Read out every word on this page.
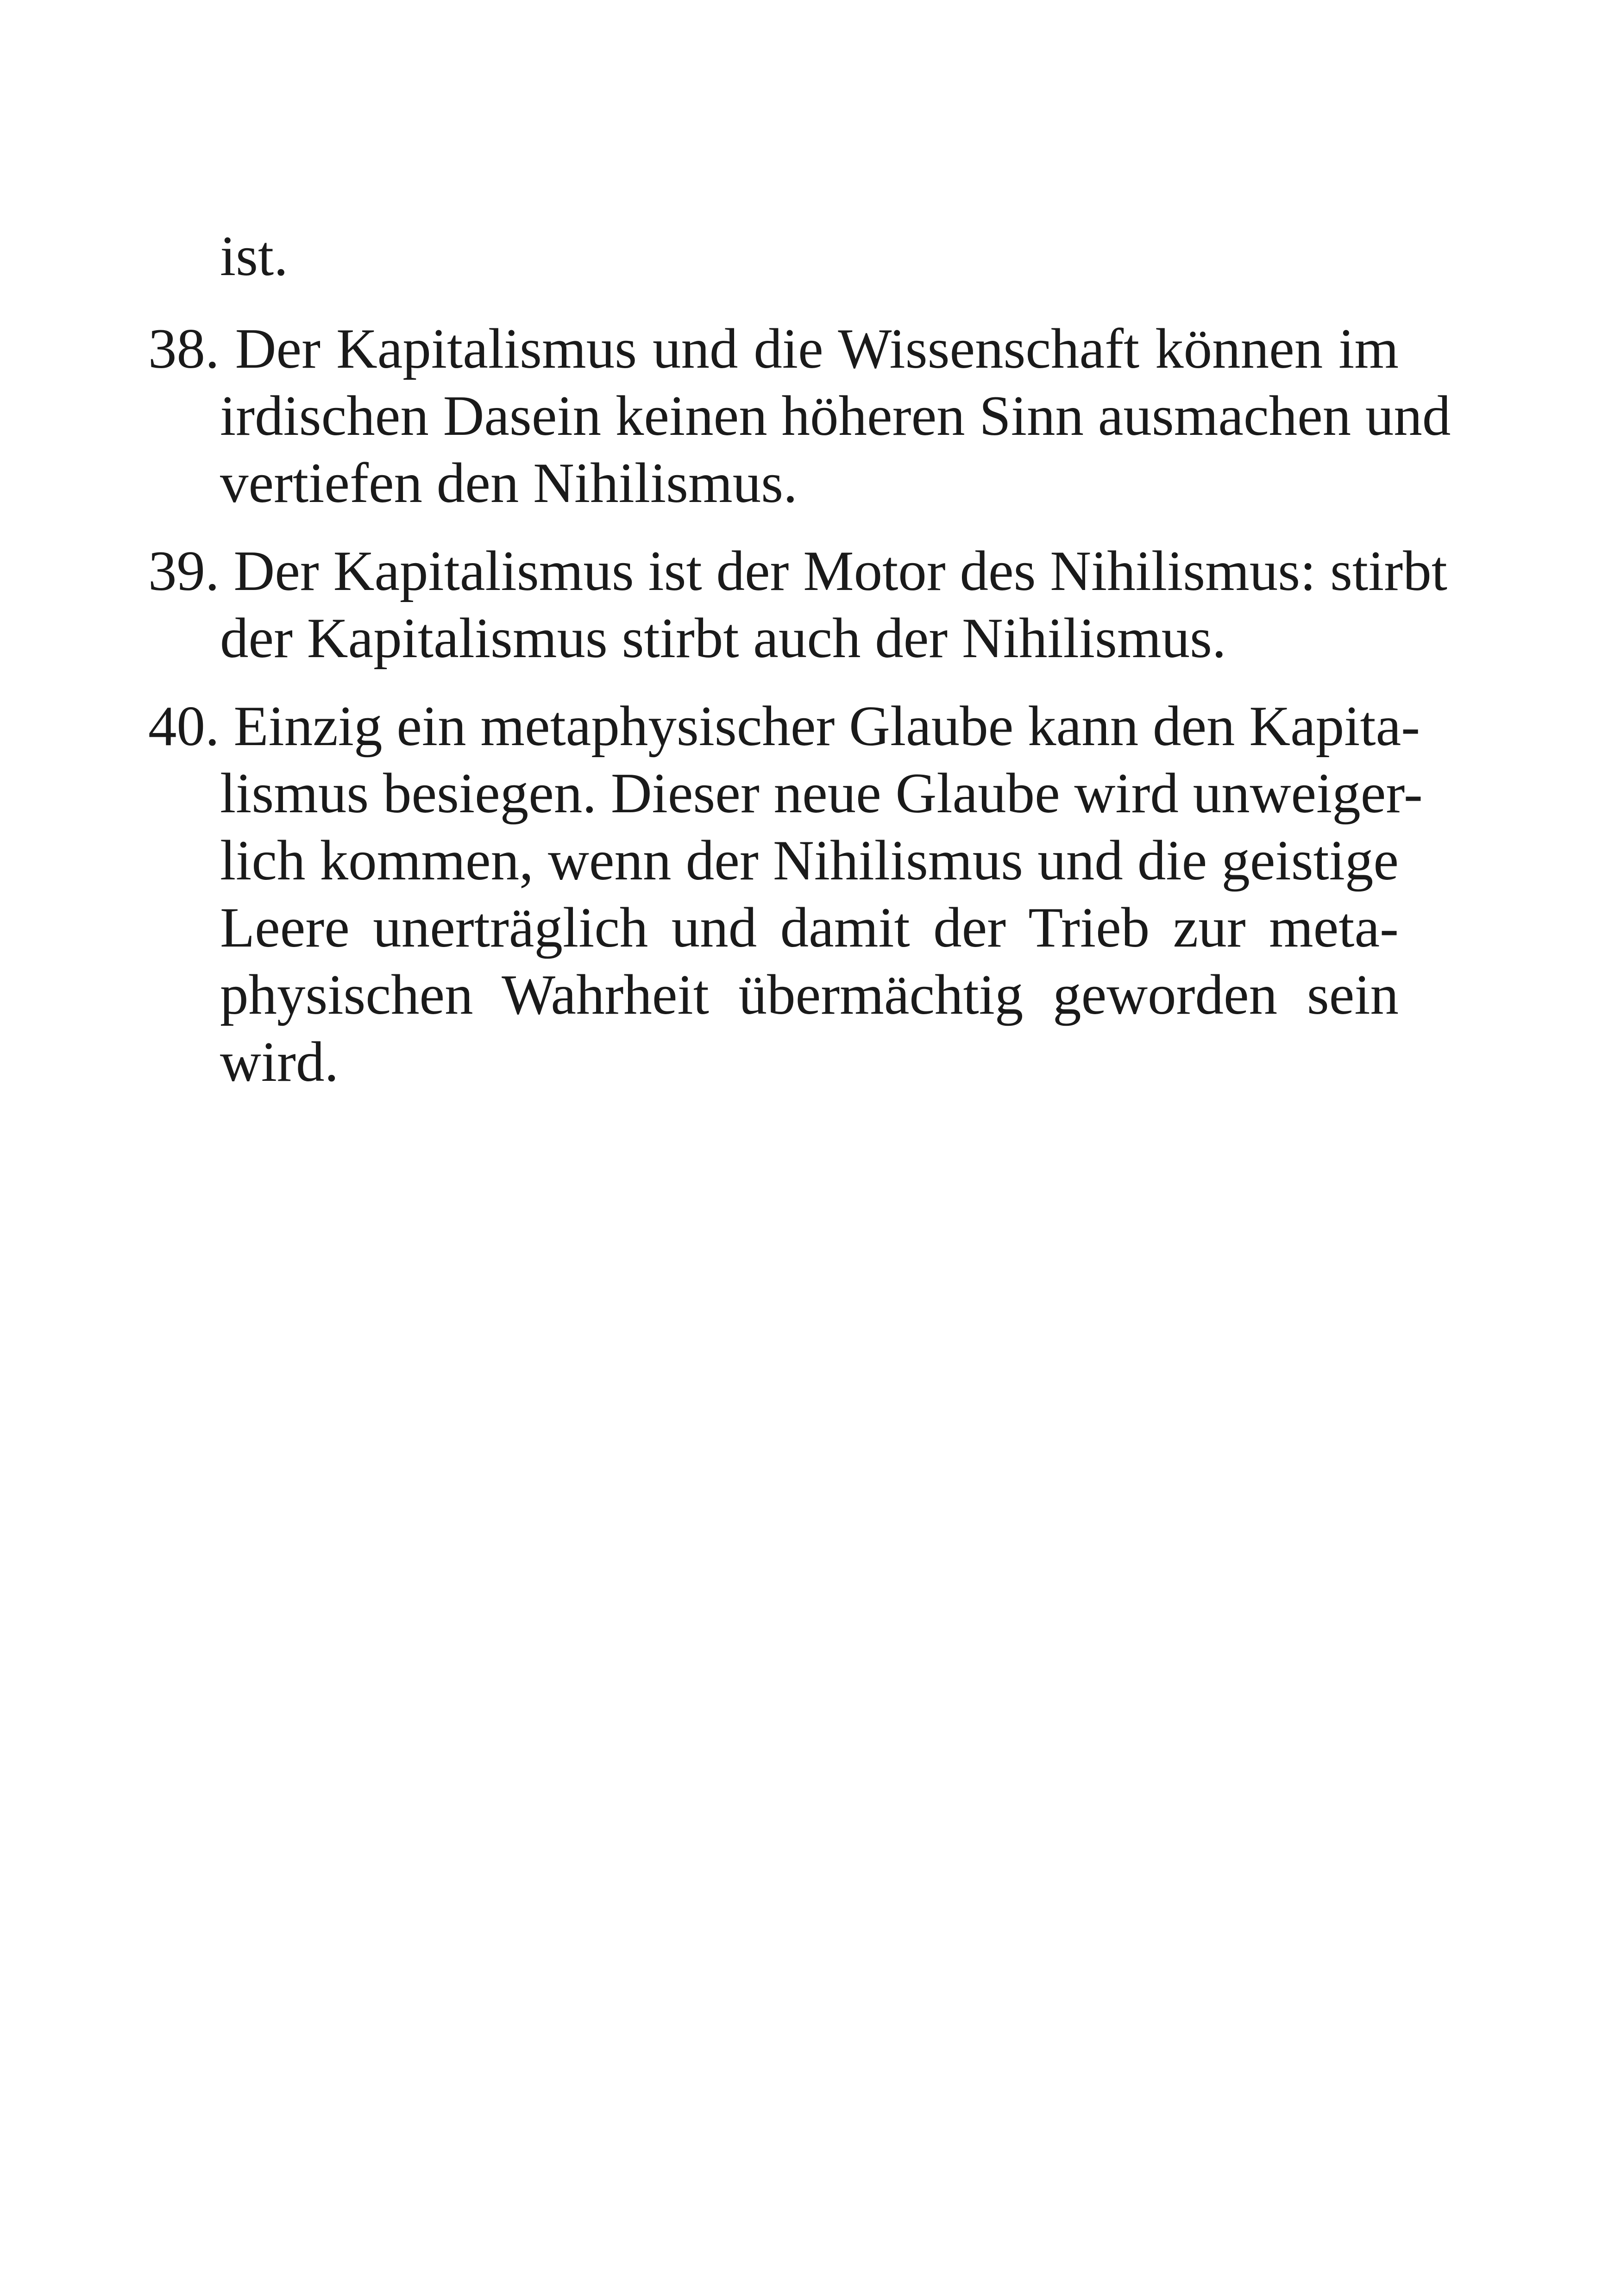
ist.
38. Der Kapitalismus und die Wissenschaft können im
irdischen Dasein keinen höheren Sinn ausmachen und
vertiefen den Nihilismus.
39. Der Kapitalismus ist der Motor des Nihilismus: stirbt
der Kapitalismus stirbt auch der Nihilismus.
40. Einzig ein metaphysischer Glaube kann den Kapita-
lismus besiegen. Dieser neue Glaube wird unweiger-
lich kommen, wenn der Nihilismus und die geistige
Leere unerträglich und damit der Trieb zur meta-
physischen Wahrheit übermächtig geworden sein
wird.
